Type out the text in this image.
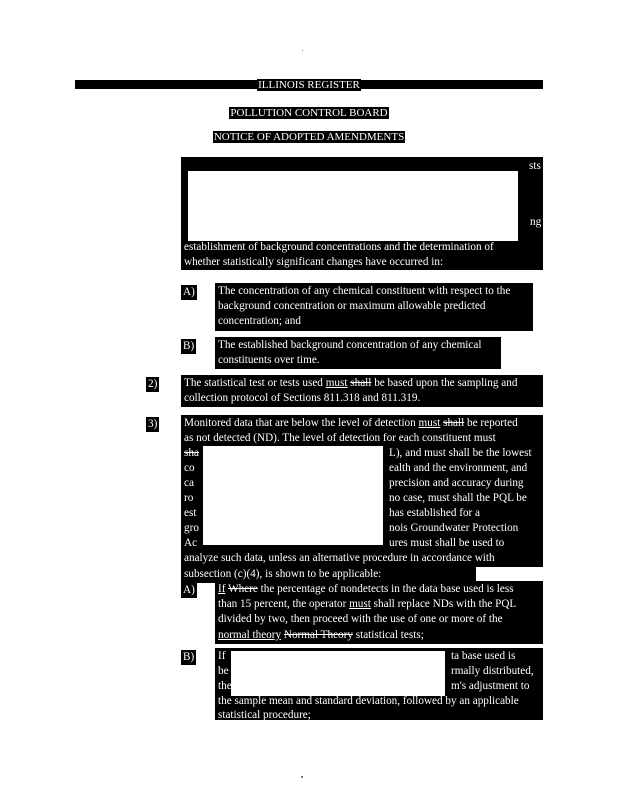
ILLINOIS REGISTER
POLLUTION CONTROL BOARD
NOTICE OF ADOPTED AMENDMENTS
sts
ng
establishment of background concentrations and the determination of
whether statistically significant changes have occurred in:
A) The concentration of any chemical constituent with respect to the
background concentration or maximum allowable predicted
concentration; and
B) The established background concentration of any chemical
constituents over time.
2) The statistical test or tests used must shall be based upon the sampling and
collection protocol of Sections 811.318 and 811.319.
3) Monitored data that are below the level of detection must shall be reported
as not detected (ND). The level of detection for each constituent must
sha
co
ca
ro
est
gro
Ac
L), and must shall be the lowest
ealth and the environment, and
precision and accuracy during
no case, must shall the PQL be
has established for a
nois Groundwater Protection
ures must shall be used to
analyze such data, unless an alternative procedure in accordance with
subsection (c)(4), is shown to be applicable:
A) If Where the percentage of nondetects in the data base used is less
than 15 percent, the operator must shall replace NDs with the PQL
divided by two, then proceed with the use of one or more of the
normal theory Normal Theory statistical tests;
B) If
be
the
ta base used is
rmally distributed,
m's adjustment to
the sample mean and standard deviation, followed by an applicable
statistical procedure;
